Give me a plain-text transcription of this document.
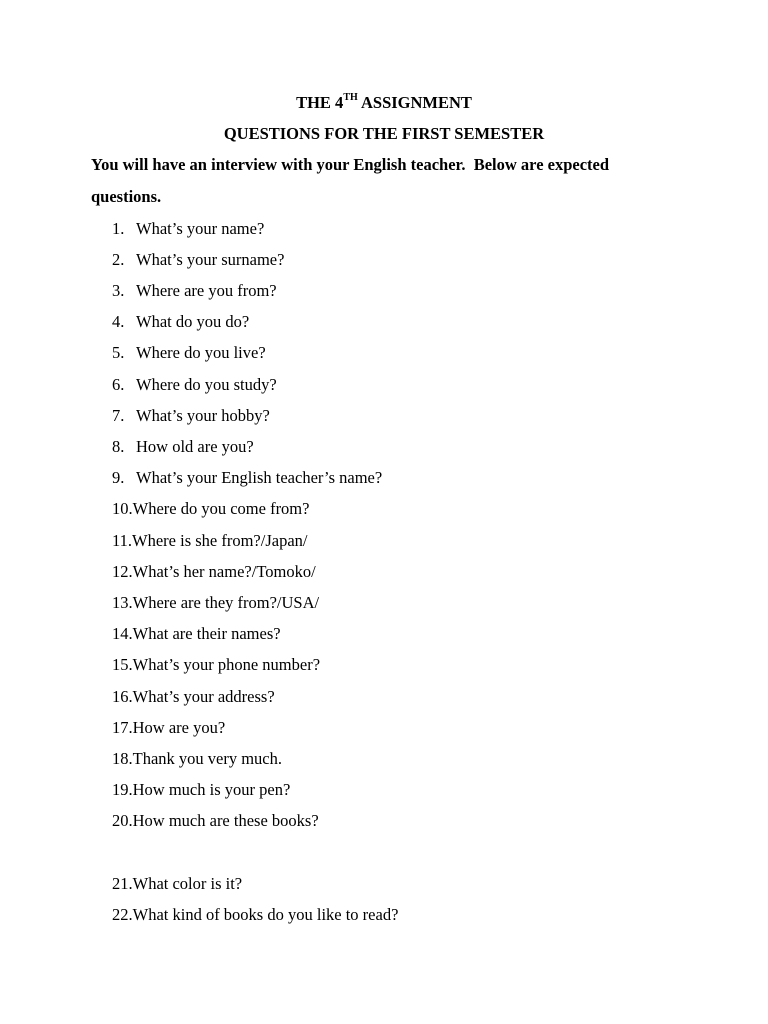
THE 4TH ASSIGNMENT
QUESTIONS FOR THE FIRST SEMESTER
You will have an interview with your English teacher.  Below are expected
questions.
1. What’s your name?
2. What’s your surname?
3. Where are you from?
4. What do you do?
5. Where do you live?
6. Where do you study?
7. What’s your hobby?
8. How old are you?
9. What’s your English teacher’s name?
10.Where do you come from?
11.Where is she from?/Japan/
12.What’s her name?/Tomoko/
13.Where are they from?/USA/
14.What are their names?
15.What’s your phone number?
16.What’s your address?
17.How are you?
18.Thank you very much.
19.How much is your pen?
20.How much are these books?
21.What color is it?
22.What kind of books do you like to read?
